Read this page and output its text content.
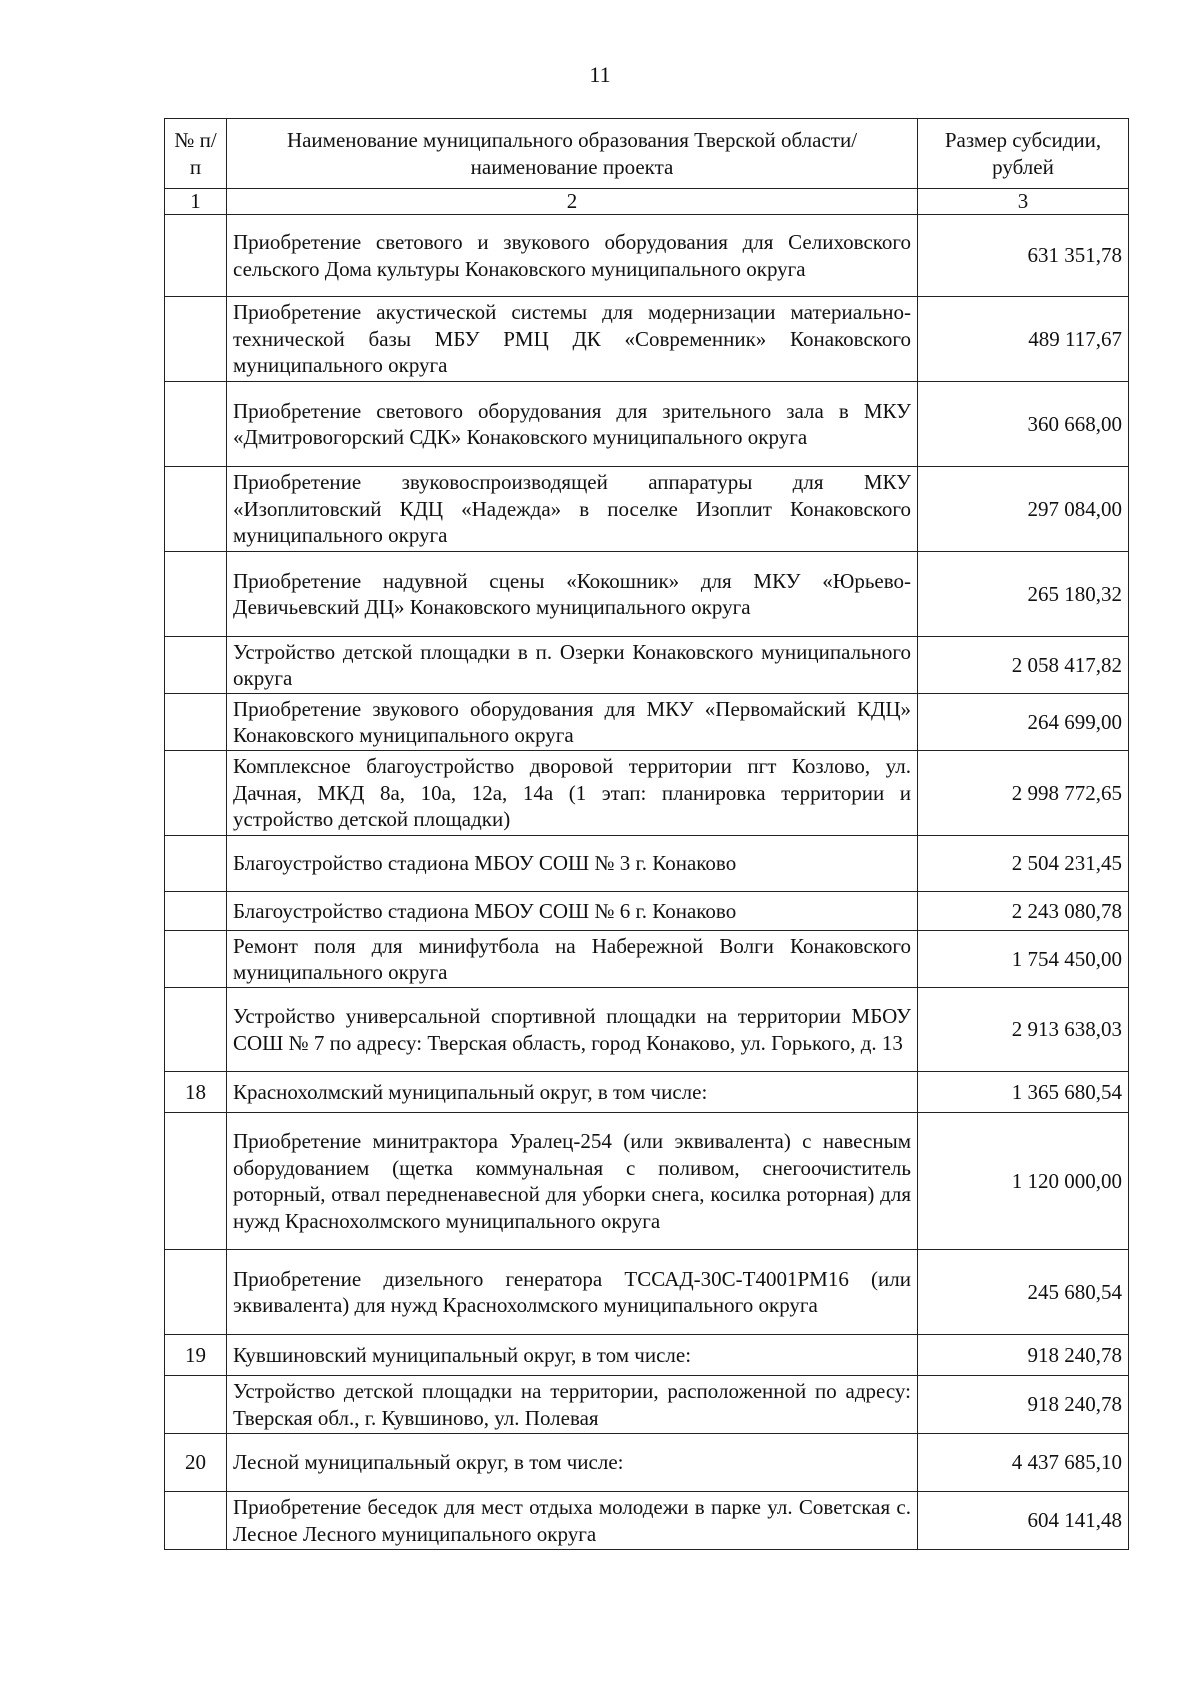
11
№ п/п	Наименование муниципального образования Тверской области/наименование проекта	Размер субсидии, рублей
1	2	3
	Приобретение светового и звукового оборудования для Селиховского сельского Дома культуры Конаковского муниципального округа	631 351,78
	Приобретение акустической системы для модернизации материально-технической базы МБУ РМЦ ДК «Современник» Конаковского муниципального округа	489 117,67
	Приобретение светового оборудования для зрительного зала в МКУ «Дмитровогорский СДК» Конаковского муниципального округа	360 668,00
	Приобретение звуковоспроизводящей аппаратуры для МКУ «Изоплитовский КДЦ «Надежда» в поселке Изоплит Конаковского муниципального округа	297 084,00
	Приобретение надувной сцены «Кокошник» для МКУ «Юрьево-Девичьевский ДЦ» Конаковского муниципального округа	265 180,32
	Устройство детской площадки в п. Озерки Конаковского муниципального округа	2 058 417,82
	Приобретение звукового оборудования для МКУ «Первомайский КДЦ» Конаковского муниципального округа	264 699,00
	Комплексное благоустройство дворовой территории пгт Козлово, ул. Дачная, МКД 8а, 10а, 12а, 14а (1 этап: планировка территории и устройство детской площадки)	2 998 772,65
	Благоустройство стадиона МБОУ СОШ № 3 г. Конаково	2 504 231,45
	Благоустройство стадиона МБОУ СОШ № 6 г. Конаково	2 243 080,78
	Ремонт поля для минифутбола на Набережной Волги Конаковского муниципального округа	1 754 450,00
	Устройство универсальной спортивной площадки на территории МБОУ СОШ № 7 по адресу: Тверская область, город Конаково, ул. Горького, д. 13	2 913 638,03
18	Краснохолмский муниципальный округ, в том числе:	1 365 680,54
	Приобретение минитрактора Уралец-254 (или эквивалента) с навесным оборудованием (щетка коммунальная с поливом, снегоочиститель роторный, отвал передненавесной для уборки снега, косилка роторная) для нужд Краснохолмского муниципального округа	1 120 000,00
	Приобретение дизельного генератора ТССАД-30С-Т4001РМ16 (или эквивалента) для нужд Краснохолмского муниципального округа	245 680,54
19	Кувшиновский муниципальный округ, в том числе:	918 240,78
	Устройство детской площадки на территории, расположенной по адресу: Тверская обл., г. Кувшиново, ул. Полевая	918 240,78
20	Лесной муниципальный округ, в том числе:	4 437 685,10
	Приобретение беседок для мест отдыха молодежи в парке ул. Советская с. Лесное Лесного муниципального округа	604 141,48
